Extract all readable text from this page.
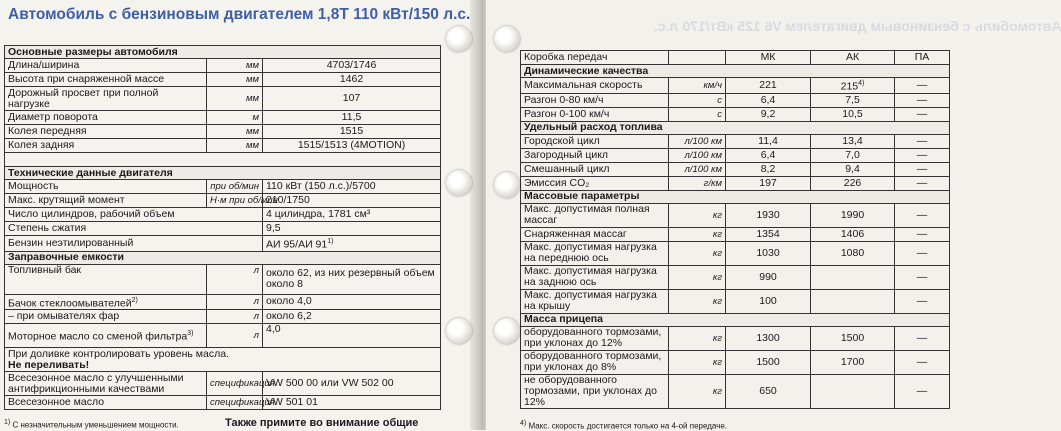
Автомобиль с бензиновым двигателем 1,8Т 110 кВт/150 л.с.
Основные размеры автомобиля		
Длина/ширина	мм	4703/1746
Высота при снаряженной массе	мм	1462
Дорожный просвет при полной нагрузке	мм	107
Диаметр поворота	м	11,5
Колея передняя	мм	1515
Колея задняя	мм	1515/1513 (4MOTION)

Технические данные двигателя		
Мощность	при об/мин	110 кВт (150 л.с.)/5700
Макс. крутящий момент	Н·м при об/мин	210/1750
Число цилиндров, рабочий объем		4 цилиндра, 1781 см³
Степень сжатия		9,5
Бензин неэтилированный		АИ 95/АИ 91$^{1)}$
Заправочные емкости		
Топливный бак	л	около 62, из них резервный объем около 8
Бачок стеклоомывателей$^{2)}$	л	около 4,0
– при омывателях фар	л	около 6,2
Моторное масло со сменой фильтра$^{3)}$	л	4,0

При доливке контролировать уровень масла.
Не переливать!		

Всесезонное масло с улучшенными антифрикционными качествами	спецификация	VW 500 00 или VW 502 00
Всесезонное масло	спецификация	VW 501 01
$^{1)}$ С незначительным уменьшением мощности.	Также примите во внимание общие
Автомобиль с бензиновым двигателем V6 125 кВт/170 л.с.
Коробка передач		МК	АК	ПА
Динамические качества				
Максимальная скорость	км/ч	221	215$^{4)}$	—
Разгон 0-80 км/ч	с	6,4	7,5	—
Разгон 0-100 км/ч	с	9,2	10,5	—
Удельный расход топлива				
Городской цикл	л/100 км	11,4	13,4	—
Загородный цикл	л/100 км	6,4	7,0	—
Смешанный цикл	л/100 км	8,2	9,4	—
Эмиссия CO₂	г/км	197	226	—
Массовые параметры				
Макс. допустимая полная массаг	кг	1930	1990	—
Снаряженная массаг	кг	1354	1406	—
Макс. допустимая нагрузка на переднюю ось	кг	1030	1080	—
Макс. допустимая нагрузка на заднюю ось	кг	990		—
Макс. допустимая нагрузка на крышу	кг	100		—
Масса прицепа				
оборудованного тормозами, при уклонах до 12%	кг	1300	1500	—
оборудованного тормозами, при уклонах до 8%	кг	1500	1700	—
не оборудованного тормозами, при уклонах до 12%	кг	650		—
$^{4)}$ Макс. скорость достигается только на 4-ой передаче.
